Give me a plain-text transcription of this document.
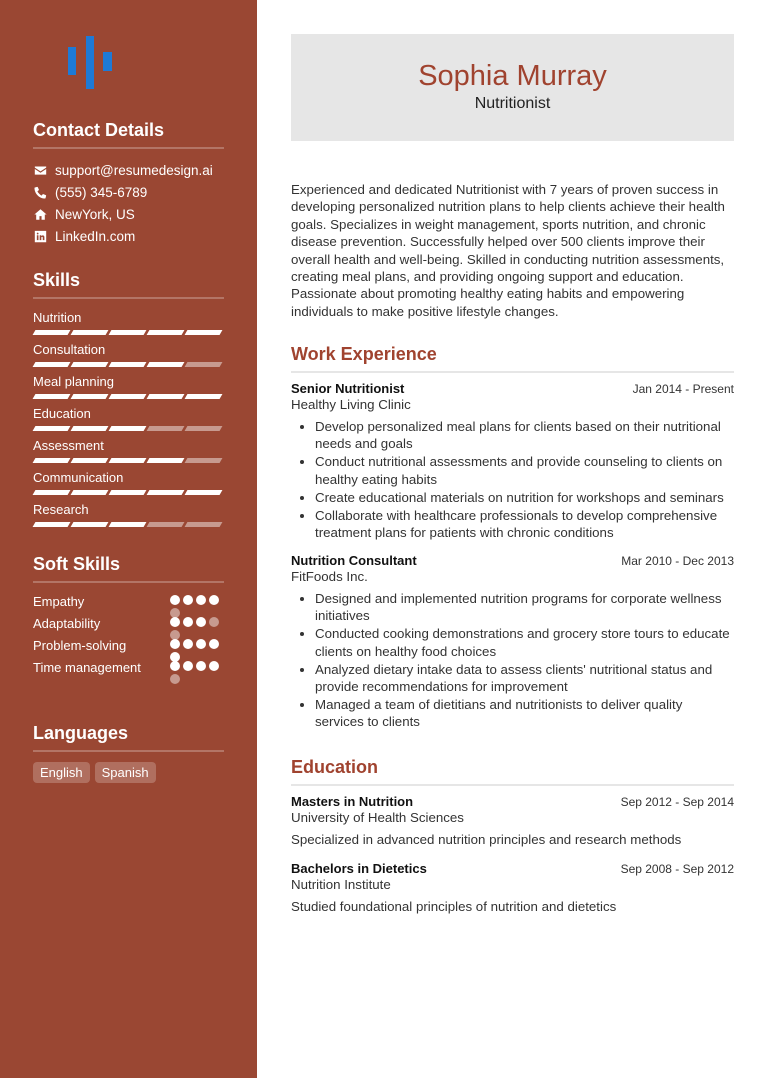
Contact Details
support@resumedesign.ai
(555) 345-6789
NewYork, US
LinkedIn.com
Skills
Nutrition
Consultation
Meal planning
Education
Assessment
Communication
Research
Soft Skills
Empathy
Adaptability
Problem-solving
Time management
Languages
English	Spanish
Sophia Murray
Nutritionist
Experienced and dedicated Nutritionist with 7 years of proven success in developing personalized nutrition plans to help clients achieve their health goals. Specializes in weight management, sports nutrition, and chronic disease prevention. Successfully helped over 500 clients improve their overall health and well-being. Skilled in conducting nutrition assessments, creating meal plans, and providing ongoing support and education. Passionate about promoting healthy eating habits and empowering individuals to make positive lifestyle changes.
Work Experience
Senior Nutritionist	Jan 2014 - Present
Healthy Living Clinic
• Develop personalized meal plans for clients based on their nutritional needs and goals
• Conduct nutritional assessments and provide counseling to clients on healthy eating habits
• Create educational materials on nutrition for workshops and seminars
• Collaborate with healthcare professionals to develop comprehensive treatment plans for patients with chronic conditions
Nutrition Consultant	Mar 2010 - Dec 2013
FitFoods Inc.
• Designed and implemented nutrition programs for corporate wellness initiatives
• Conducted cooking demonstrations and grocery store tours to educate clients on healthy food choices
• Analyzed dietary intake data to assess clients' nutritional status and provide recommendations for improvement
• Managed a team of dietitians and nutritionists to deliver quality services to clients
Education
Masters in Nutrition	Sep 2012 - Sep 2014
University of Health Sciences
Specialized in advanced nutrition principles and research methods
Bachelors in Dietetics	Sep 2008 - Sep 2012
Nutrition Institute
Studied foundational principles of nutrition and dietetics
